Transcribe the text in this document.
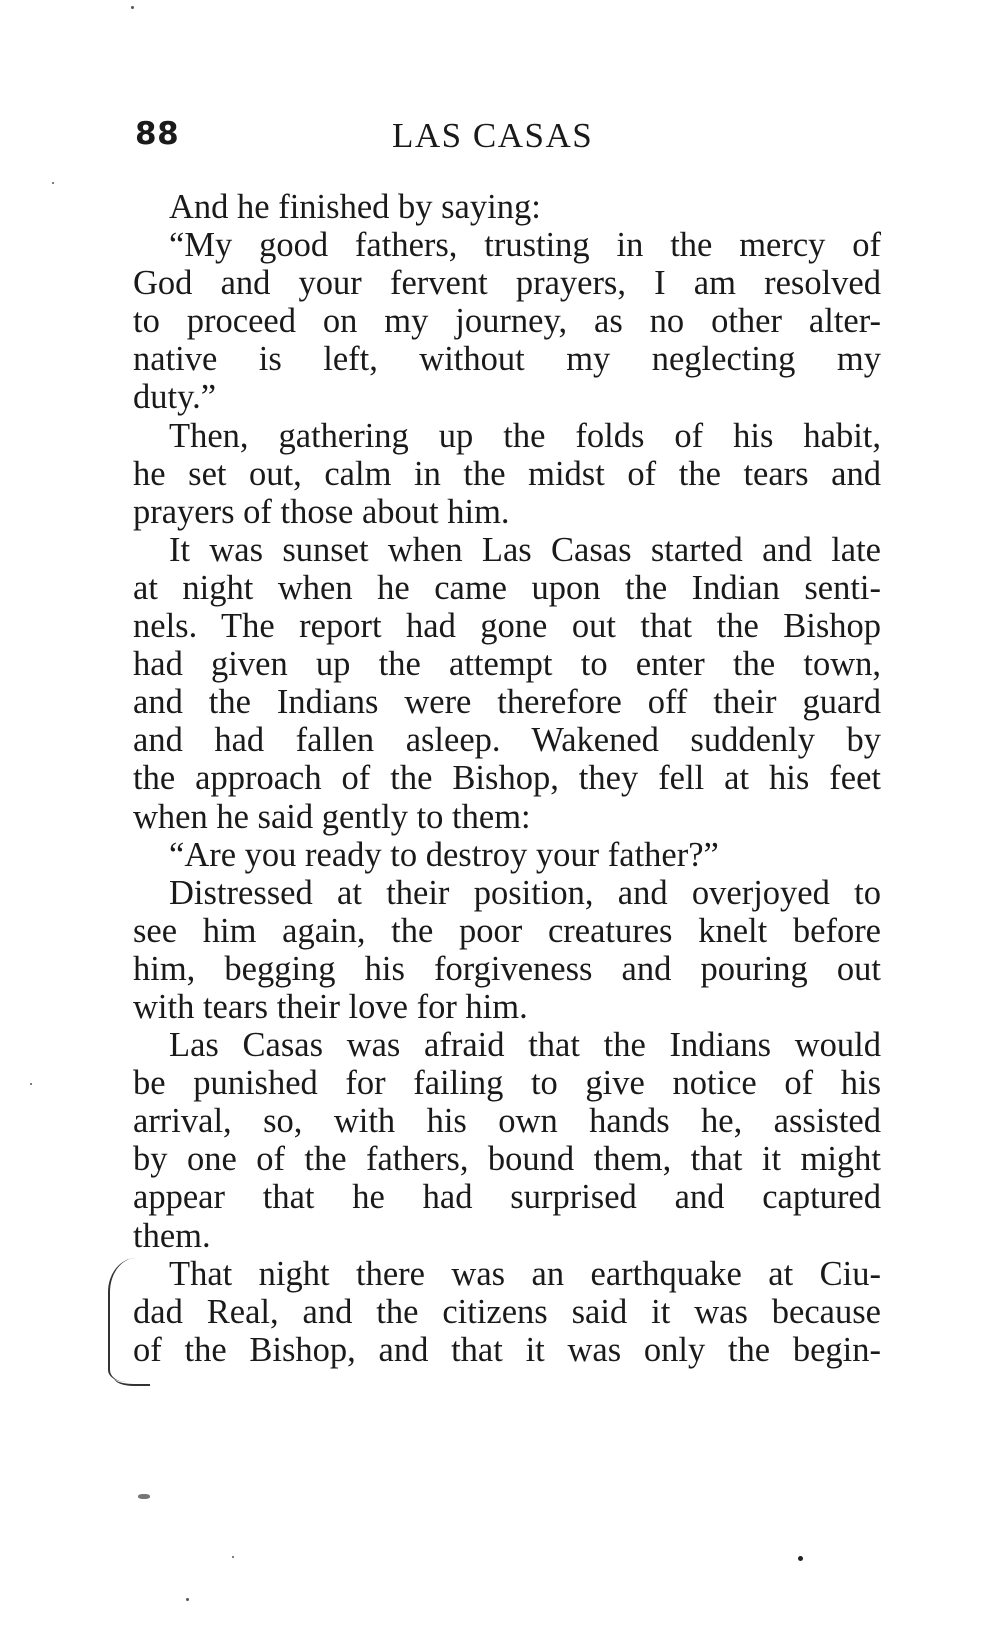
88	LAS CASAS
And he finished by saying:
“My good fathers, trusting in the mercy of
God and your fervent prayers, I am resolved
to proceed on my journey, as no other alter-
native is left, without my neglecting my
duty.”
Then, gathering up the folds of his habit,
he set out, calm in the midst of the tears and
prayers of those about him.
It was sunset when Las Casas started and late
at night when he came upon the Indian senti-
nels. The report had gone out that the Bishop
had given up the attempt to enter the town,
and the Indians were therefore off their guard
and had fallen asleep. Wakened suddenly by
the approach of the Bishop, they fell at his feet
when he said gently to them:
“Are you ready to destroy your father?”
Distressed at their position, and overjoyed to
see him again, the poor creatures knelt before
him, begging his forgiveness and pouring out
with tears their love for him.
Las Casas was afraid that the Indians would
be punished for failing to give notice of his
arrival, so, with his own hands he, assisted
by one of the fathers, bound them, that it might
appear that he had surprised and captured
them.
That night there was an earthquake at Ciu-
dad Real, and the citizens said it was because
of the Bishop, and that it was only the begin-
